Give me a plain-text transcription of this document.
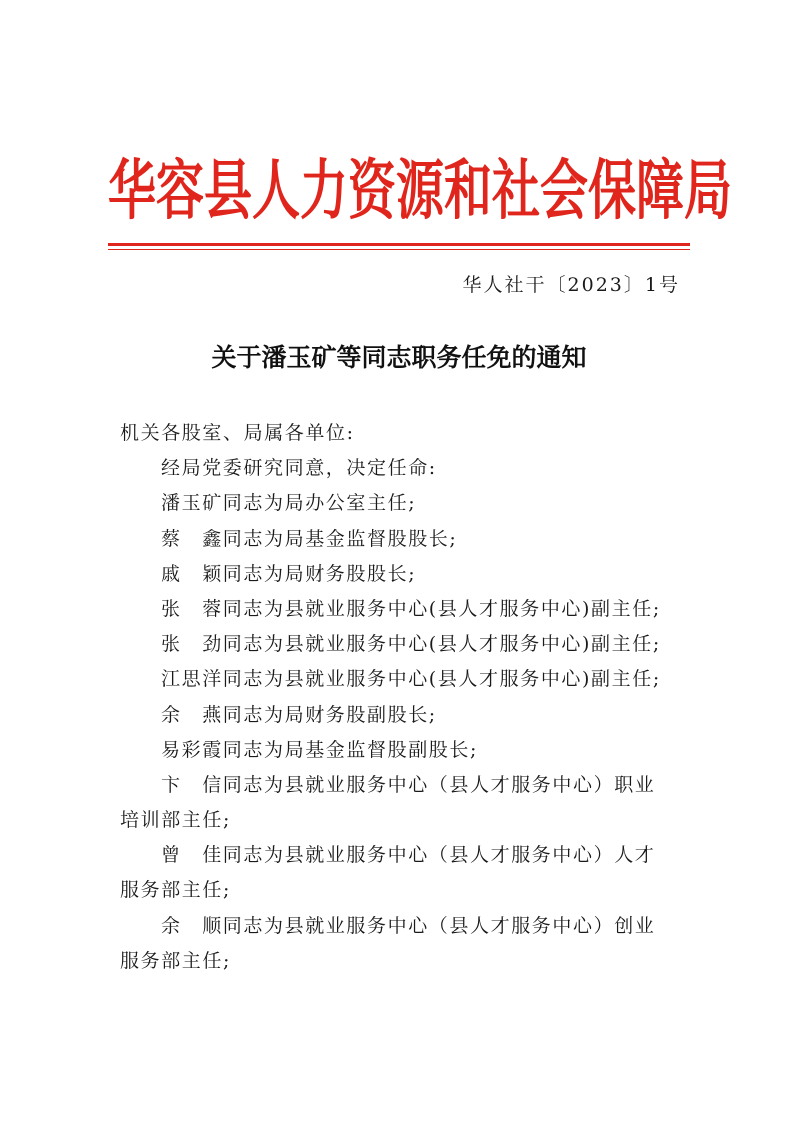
华容县人力资源和社会保障局
华人社干〔2023〕1号
关于潘玉矿等同志职务任免的通知
机关各股室、局属各单位:
经局党委研究同意，决定任命:
潘玉矿同志为局办公室主任;
蔡　鑫同志为局基金监督股股长;
戚　颖同志为局财务股股长;
张　蓉同志为县就业服务中心(县人才服务中心)副主任;
张　劲同志为县就业服务中心(县人才服务中心)副主任;
江思洋同志为县就业服务中心(县人才服务中心)副主任;
余　燕同志为局财务股副股长;
易彩霞同志为局基金监督股副股长;
卞　信同志为县就业服务中心（县人才服务中心）职业
培训部主任;
曾　佳同志为县就业服务中心（县人才服务中心）人才
服务部主任;
余　顺同志为县就业服务中心（县人才服务中心）创业
服务部主任;
